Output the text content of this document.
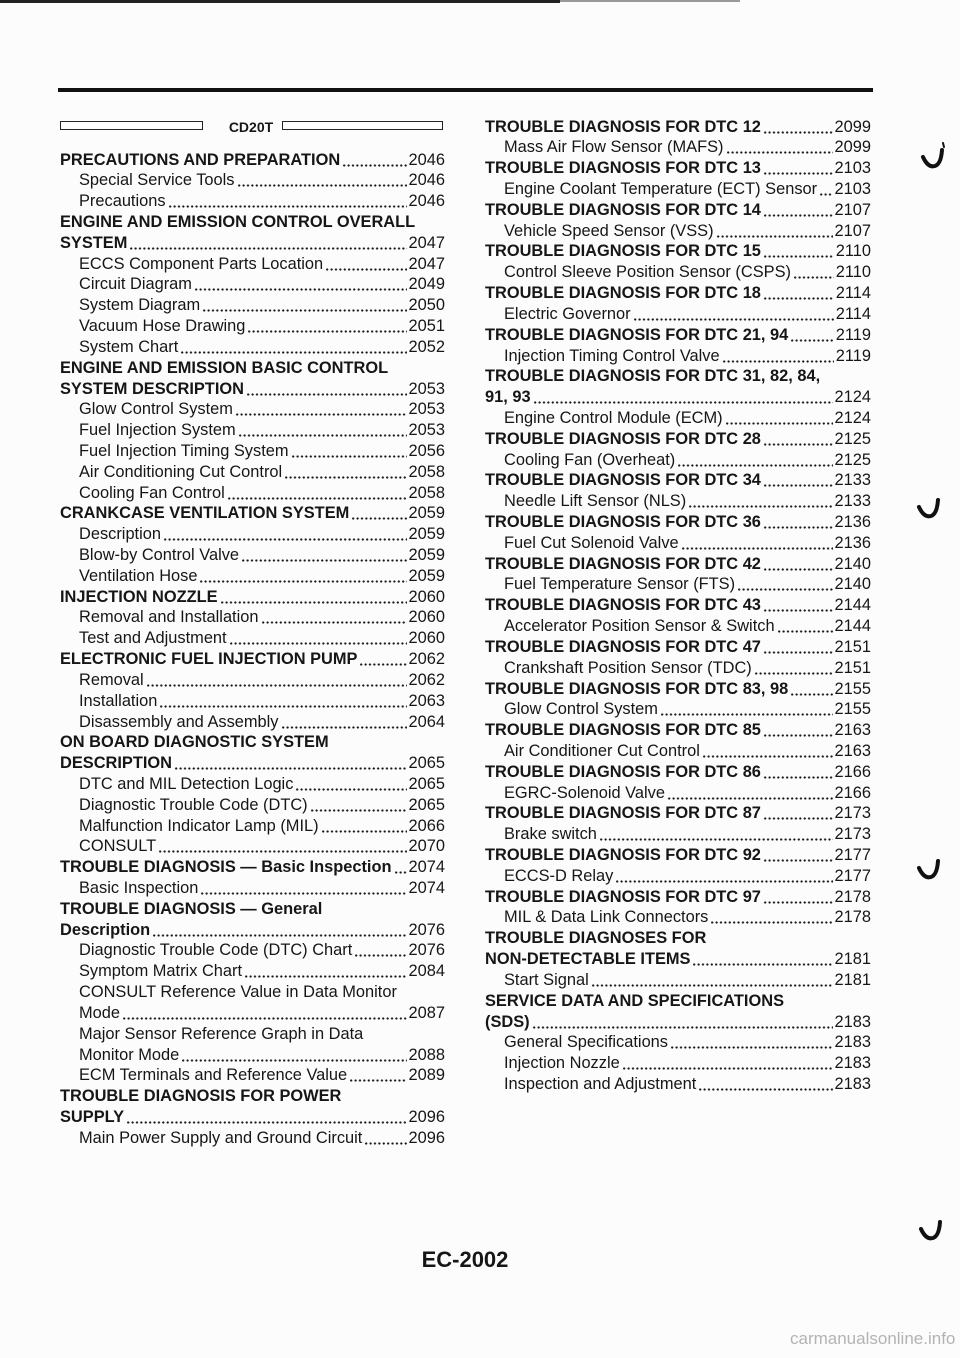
CD20T
PRECAUTIONS AND PREPARATION	2046
Special Service Tools	2046
Precautions	2046
ENGINE AND EMISSION CONTROL OVERALL
SYSTEM	2047
ECCS Component Parts Location	2047
Circuit Diagram	2049
System Diagram	2050
Vacuum Hose Drawing	2051
System Chart	2052
ENGINE AND EMISSION BASIC CONTROL
SYSTEM DESCRIPTION	2053
Glow Control System	2053
Fuel Injection System	2053
Fuel Injection Timing System	2056
Air Conditioning Cut Control	2058
Cooling Fan Control	2058
CRANKCASE VENTILATION SYSTEM	2059
Description	2059
Blow-by Control Valve	2059
Ventilation Hose	2059
INJECTION NOZZLE	2060
Removal and Installation	2060
Test and Adjustment	2060
ELECTRONIC FUEL INJECTION PUMP	2062
Removal	2062
Installation	2063
Disassembly and Assembly	2064
ON BOARD DIAGNOSTIC SYSTEM
DESCRIPTION	2065
DTC and MIL Detection Logic	2065
Diagnostic Trouble Code (DTC)	2065
Malfunction Indicator Lamp (MIL)	2066
CONSULT	2070
TROUBLE DIAGNOSIS — Basic Inspection 2074
Basic Inspection	2074
TROUBLE DIAGNOSIS — General
Description	2076
Diagnostic Trouble Code (DTC) Chart	2076
Symptom Matrix Chart	2084
CONSULT Reference Value in Data Monitor
Mode	2087
Major Sensor Reference Graph in Data
Monitor Mode	2088
ECM Terminals and Reference Value	2089
TROUBLE DIAGNOSIS FOR POWER
SUPPLY	2096
Main Power Supply and Ground Circuit	2096
TROUBLE DIAGNOSIS FOR DTC 12	2099
Mass Air Flow Sensor (MAFS)	2099
TROUBLE DIAGNOSIS FOR DTC 13	2103
Engine Coolant Temperature (ECT) Sensor 2103
TROUBLE DIAGNOSIS FOR DTC 14	2107
Vehicle Speed Sensor (VSS)	2107
TROUBLE DIAGNOSIS FOR DTC 15	2110
Control Sleeve Position Sensor (CSPS)	2110
TROUBLE DIAGNOSIS FOR DTC 18	2114
Electric Governor	2114
TROUBLE DIAGNOSIS FOR DTC 21, 94	2119
Injection Timing Control Valve	2119
TROUBLE DIAGNOSIS FOR DTC 31, 82, 84,
91, 93	2124
Engine Control Module (ECM)	2124
TROUBLE DIAGNOSIS FOR DTC 28	2125
Cooling Fan (Overheat)	2125
TROUBLE DIAGNOSIS FOR DTC 34	2133
Needle Lift Sensor (NLS)	2133
TROUBLE DIAGNOSIS FOR DTC 36	2136
Fuel Cut Solenoid Valve	2136
TROUBLE DIAGNOSIS FOR DTC 42	2140
Fuel Temperature Sensor (FTS)	2140
TROUBLE DIAGNOSIS FOR DTC 43	2144
Accelerator Position Sensor & Switch	2144
TROUBLE DIAGNOSIS FOR DTC 47	2151
Crankshaft Position Sensor (TDC)	2151
TROUBLE DIAGNOSIS FOR DTC 83, 98	2155
Glow Control System	2155
TROUBLE DIAGNOSIS FOR DTC 85	2163
Air Conditioner Cut Control	2163
TROUBLE DIAGNOSIS FOR DTC 86	2166
EGRC-Solenoid Valve	2166
TROUBLE DIAGNOSIS FOR DTC 87	2173
Brake switch	2173
TROUBLE DIAGNOSIS FOR DTC 92	2177
ECCS-D Relay	2177
TROUBLE DIAGNOSIS FOR DTC 97	2178
MIL & Data Link Connectors	2178
TROUBLE DIAGNOSES FOR
NON-DETECTABLE ITEMS	2181
Start Signal	2181
SERVICE DATA AND SPECIFICATIONS
(SDS)	2183
General Specifications	2183
Injection Nozzle	2183
Inspection and Adjustment	2183
EC-2002
carmanualsonline.info
